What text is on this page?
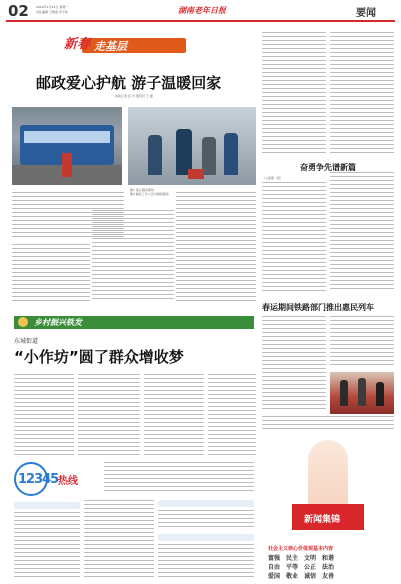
02 2024年1月22日 星期一
责任编辑 王雅丽 李子晗	湖南老年日报	要闻
新春 走基层
邮政爱心护航 游子温暖回家
本报记者 张 巧 通讯员 王 媛
图1 爱心服务现场
图2 邮政工作人员为旅客服务
乡村振兴铁发
东城街道
“小作坊”圆了群众增收梦
12345 热线
奋勇争先谱新篇
（上接第一版）
春运期间铁路部门推出惠民列车
新闻集锦
社会主义核心价值观基本内容
富强 民主 文明 和谐
自由 平等 公正 法治
爱国 敬业 诚信 友善
